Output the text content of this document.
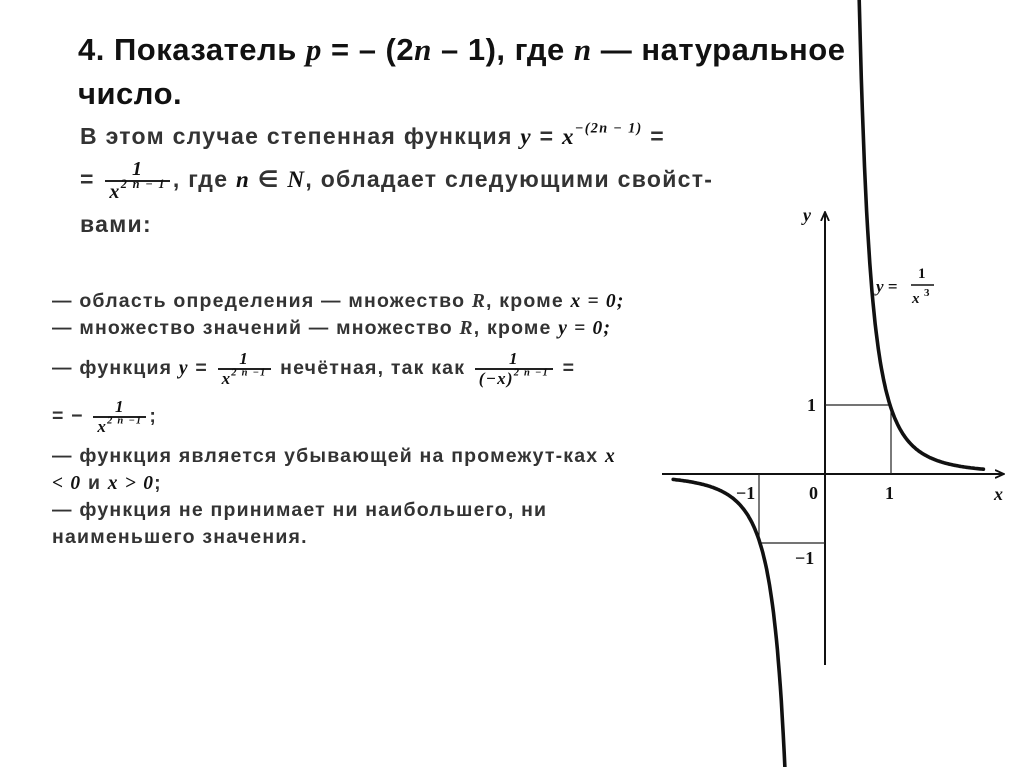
4. Показатель p = – (2n – 1), где n — натуральное число.
В этом случае степенная функция $y = x^{-(2n - 1)}$ =
= $\frac{1}{x^{2 n - 1}}$ , где n ∈ N, обладает следующими свойст-вами:
— область определения — множество R, кроме x = 0;
— множество значений — множество R, кроме y = 0;
— функция $y = \frac{1}{x^{2 n -1}}$ нечётная, так как $\frac{1}{(-x)^{2 n -1}}$ =
= − $\frac{1}{x^{2 n -1}}$ ;
— функция является убывающей на промежут-ках x < 0 и x > 0;
— функция не принимает ни наибольшего, ни наименьшего значения.
x
y
0	1
−1
1
−1
y =
1
x 3
